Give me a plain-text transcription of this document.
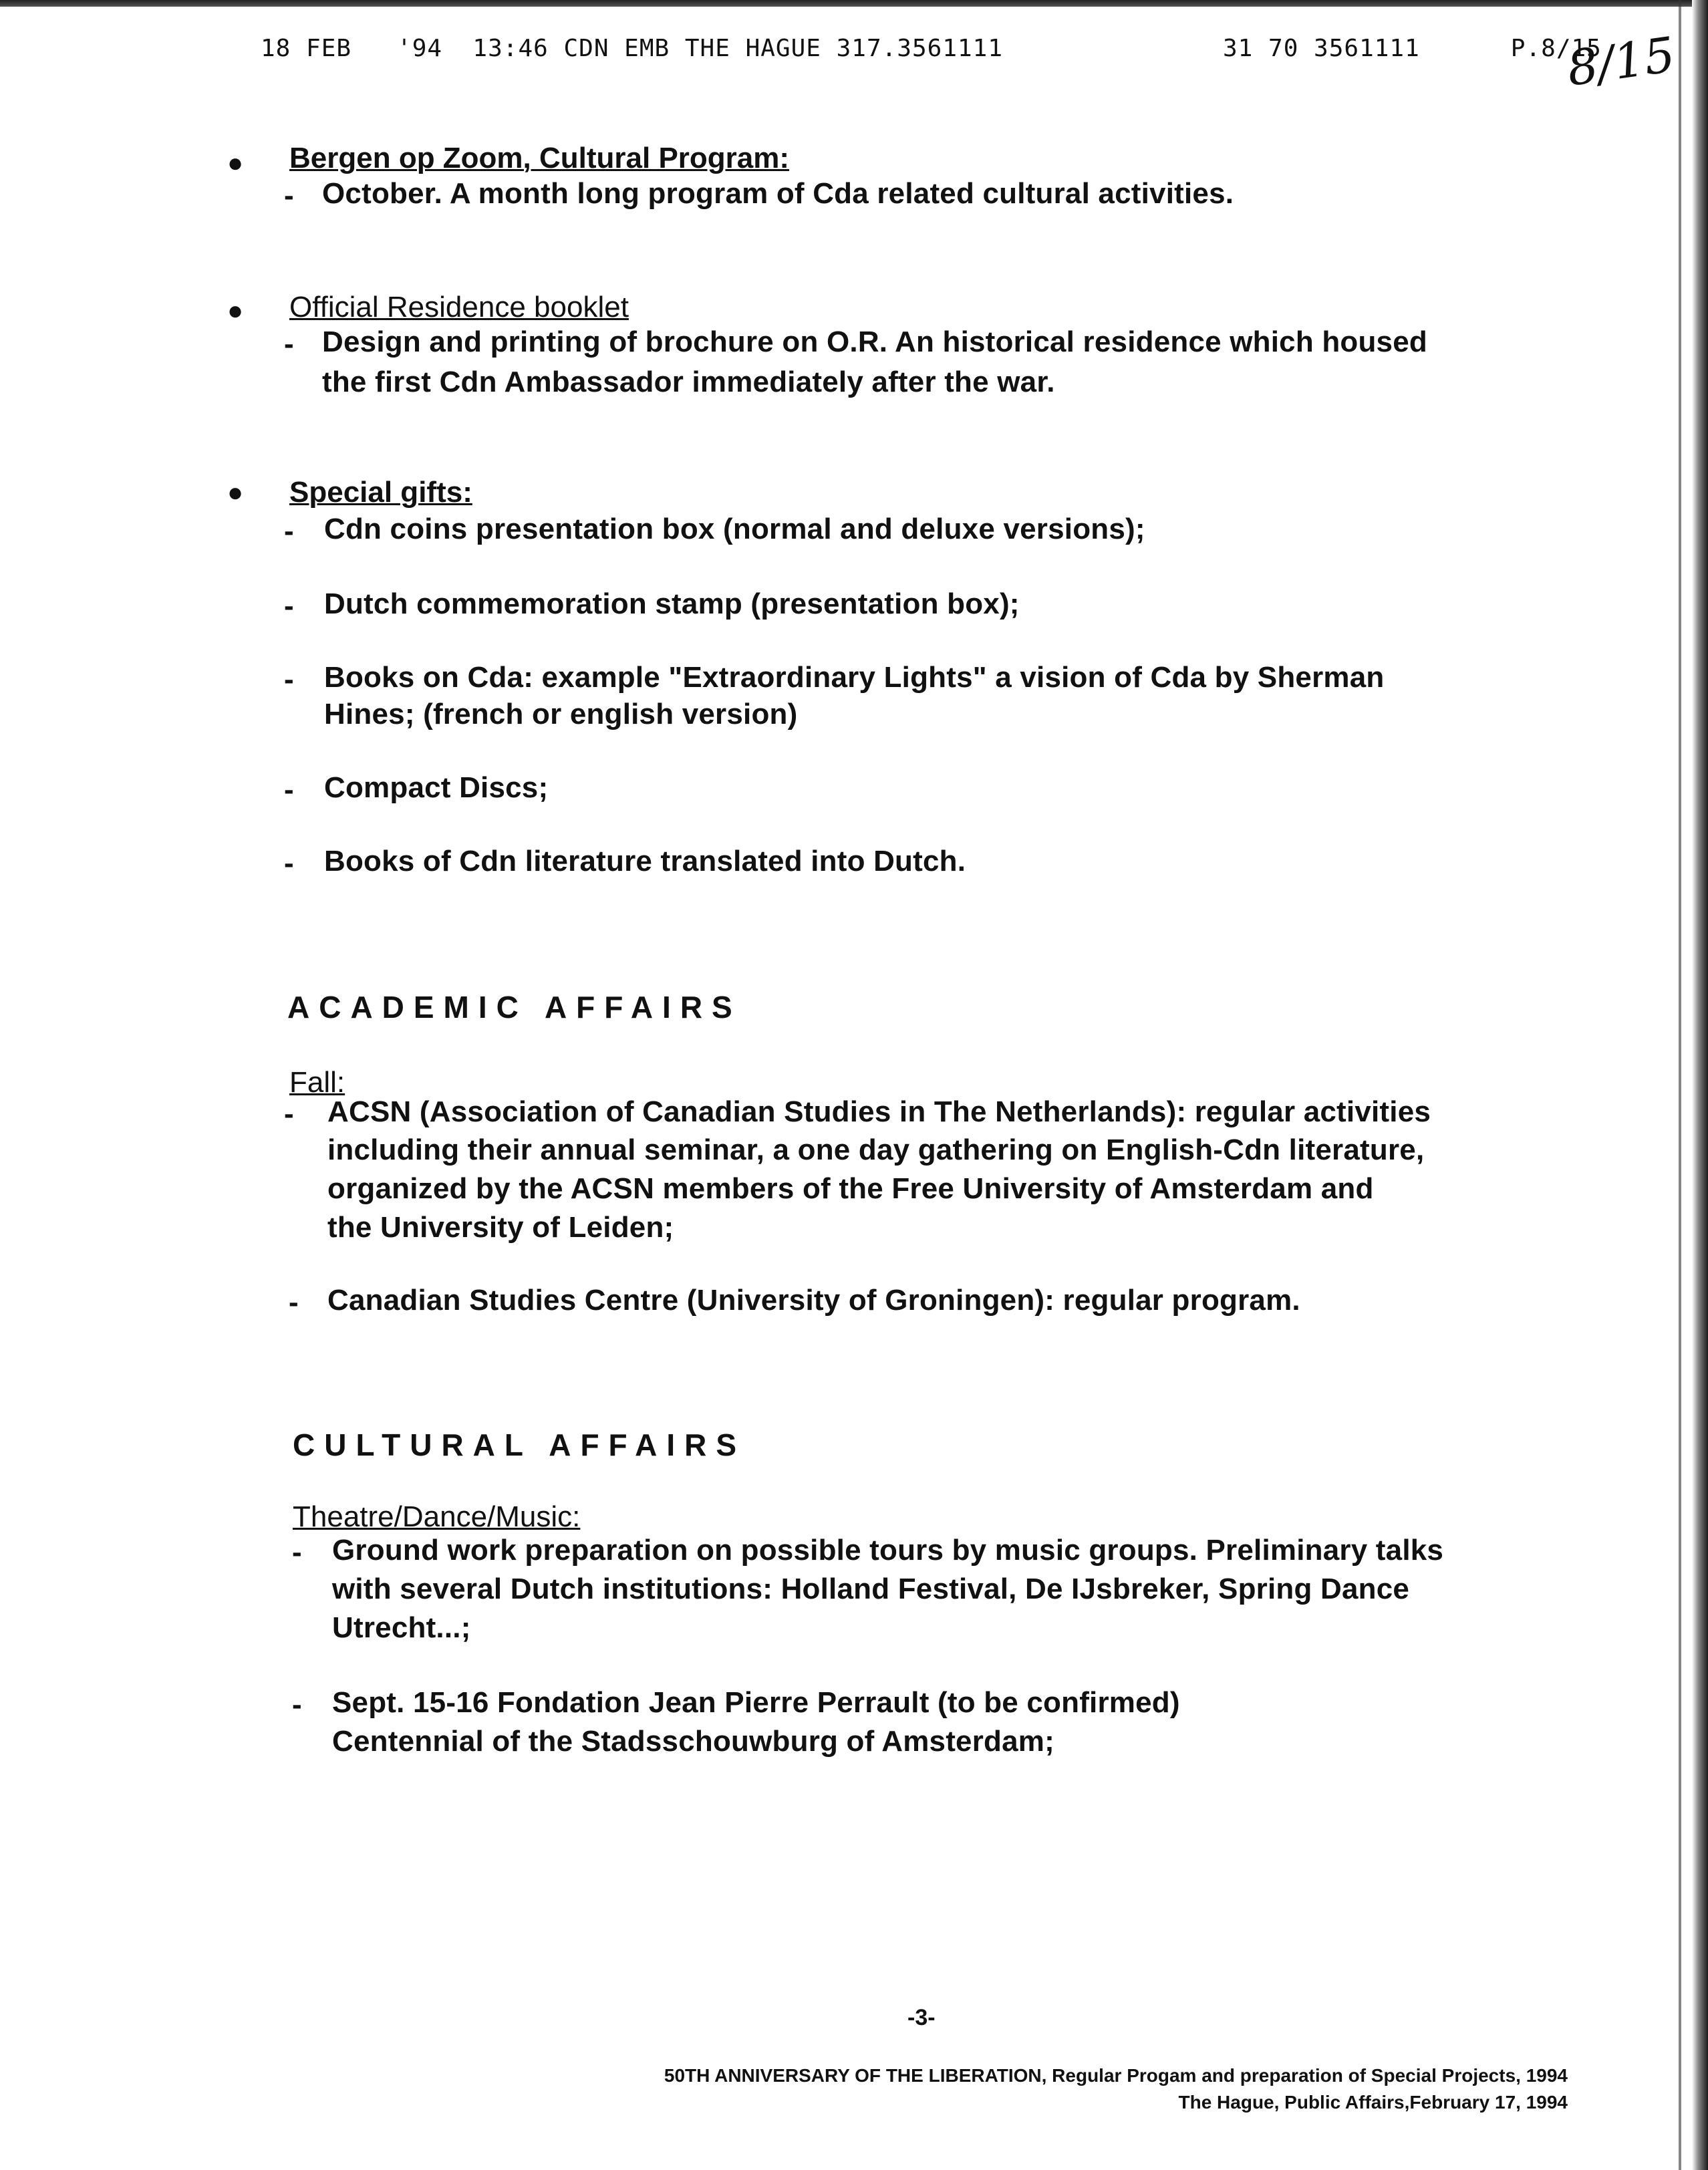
18 FEB   '94  13:46 CDN EMB THE HAGUE 317.3561111	31 70 3561111      P.8/15
8/15
● Bergen op Zoom, Cultural Program:
- October. A month long program of Cda related cultural activities.
● Official Residence booklet
- Design and printing of brochure on O.R. An historical residence which housed
the first Cdn Ambassador immediately after the war.
● Special gifts:
- Cdn coins presentation box (normal and deluxe versions);
- Dutch commemoration stamp (presentation box);
- Books on Cda: example "Extraordinary Lights" a vision of Cda by Sherman
Hines; (french or english version)
- Compact Discs;
- Books of Cdn literature translated into Dutch.
ACADEMIC AFFAIRS
Fall:
- ACSN (Association of Canadian Studies in The Netherlands): regular activities
including their annual seminar, a one day gathering on English-Cdn literature,
organized by the ACSN members of the Free University of Amsterdam and
the University of Leiden;
- Canadian Studies Centre (University of Groningen): regular program.
CULTURAL AFFAIRS
Theatre/Dance/Music:
- Ground work preparation on possible tours by music groups. Preliminary talks
with several Dutch institutions: Holland Festival, De IJsbreker, Spring Dance
Utrecht...;
- Sept. 15-16 Fondation Jean Pierre Perrault (to be confirmed)
Centennial of the Stadsschouwburg of Amsterdam;
-3-
50TH ANNIVERSARY OF THE LIBERATION, Regular Progam and preparation of Special Projects, 1994
The Hague, Public Affairs,February 17, 1994
